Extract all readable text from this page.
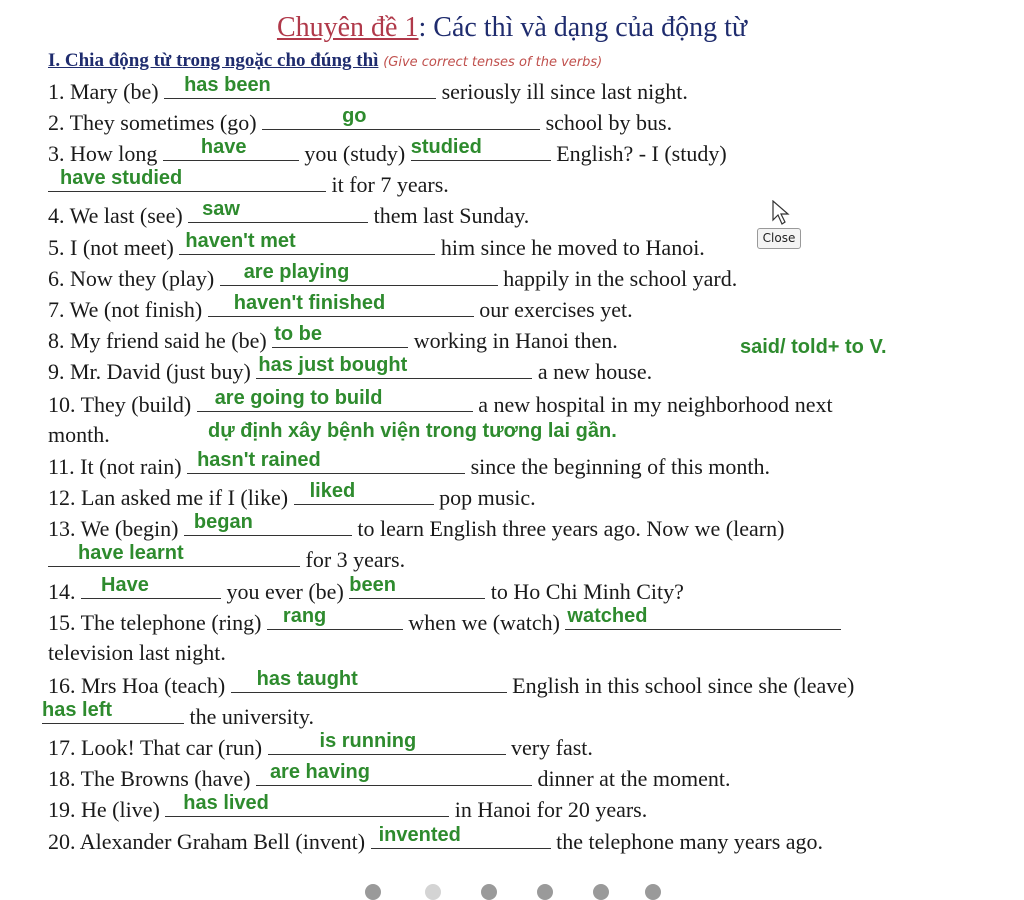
Chuyên đề 1: Các thì và dạng của động từ
I. Chia động từ trong ngoặc cho đúng thì (Give correct tenses of the verbs)
1. Mary (be) has been	seriously ill since last night.
2. They sometimes (go)	go	school by bus.
3. How long have	you (study) studied	English? - I (study)
have studied	it for 7 years.
4. We last (see) saw	them last Sunday.
5. I (not meet) haven't met	him since he moved to Hanoi.
6. Now they (play) are playing	happily in the school yard.
7. We (not finish) haven't finished	our exercises yet.
8. My friend said he (be) to be	working in Hanoi then.	said/ told+ to V.
9. Mr. David (just buy) has just bought	a new house.
10. They (build) are going to build	a new hospital in my neighborhood next
month.	dự định xây bệnh viện trong tương lai gần.
11. It (not rain) hasn't rained	since the beginning of this month.
12. Lan asked me if I (like) liked	pop music.
13. We (begin) began	to learn English three years ago. Now we (learn)
have learnt	for 3 years.
14. Have	you ever (be) been	to Ho Chi Minh City?
15. The telephone (ring) rang	when we (watch) watched
television last night.
16. Mrs Hoa (teach) has taught	English in this school since she (leave)
has left	the university.
17. Look! That car (run)	is running	very fast.
18. The Browns (have) are having	dinner at the moment.
19. He (live) has lived	in Hanoi for 20 years.
20. Alexander Graham Bell (invent) invented	the telephone many years ago.
Close
